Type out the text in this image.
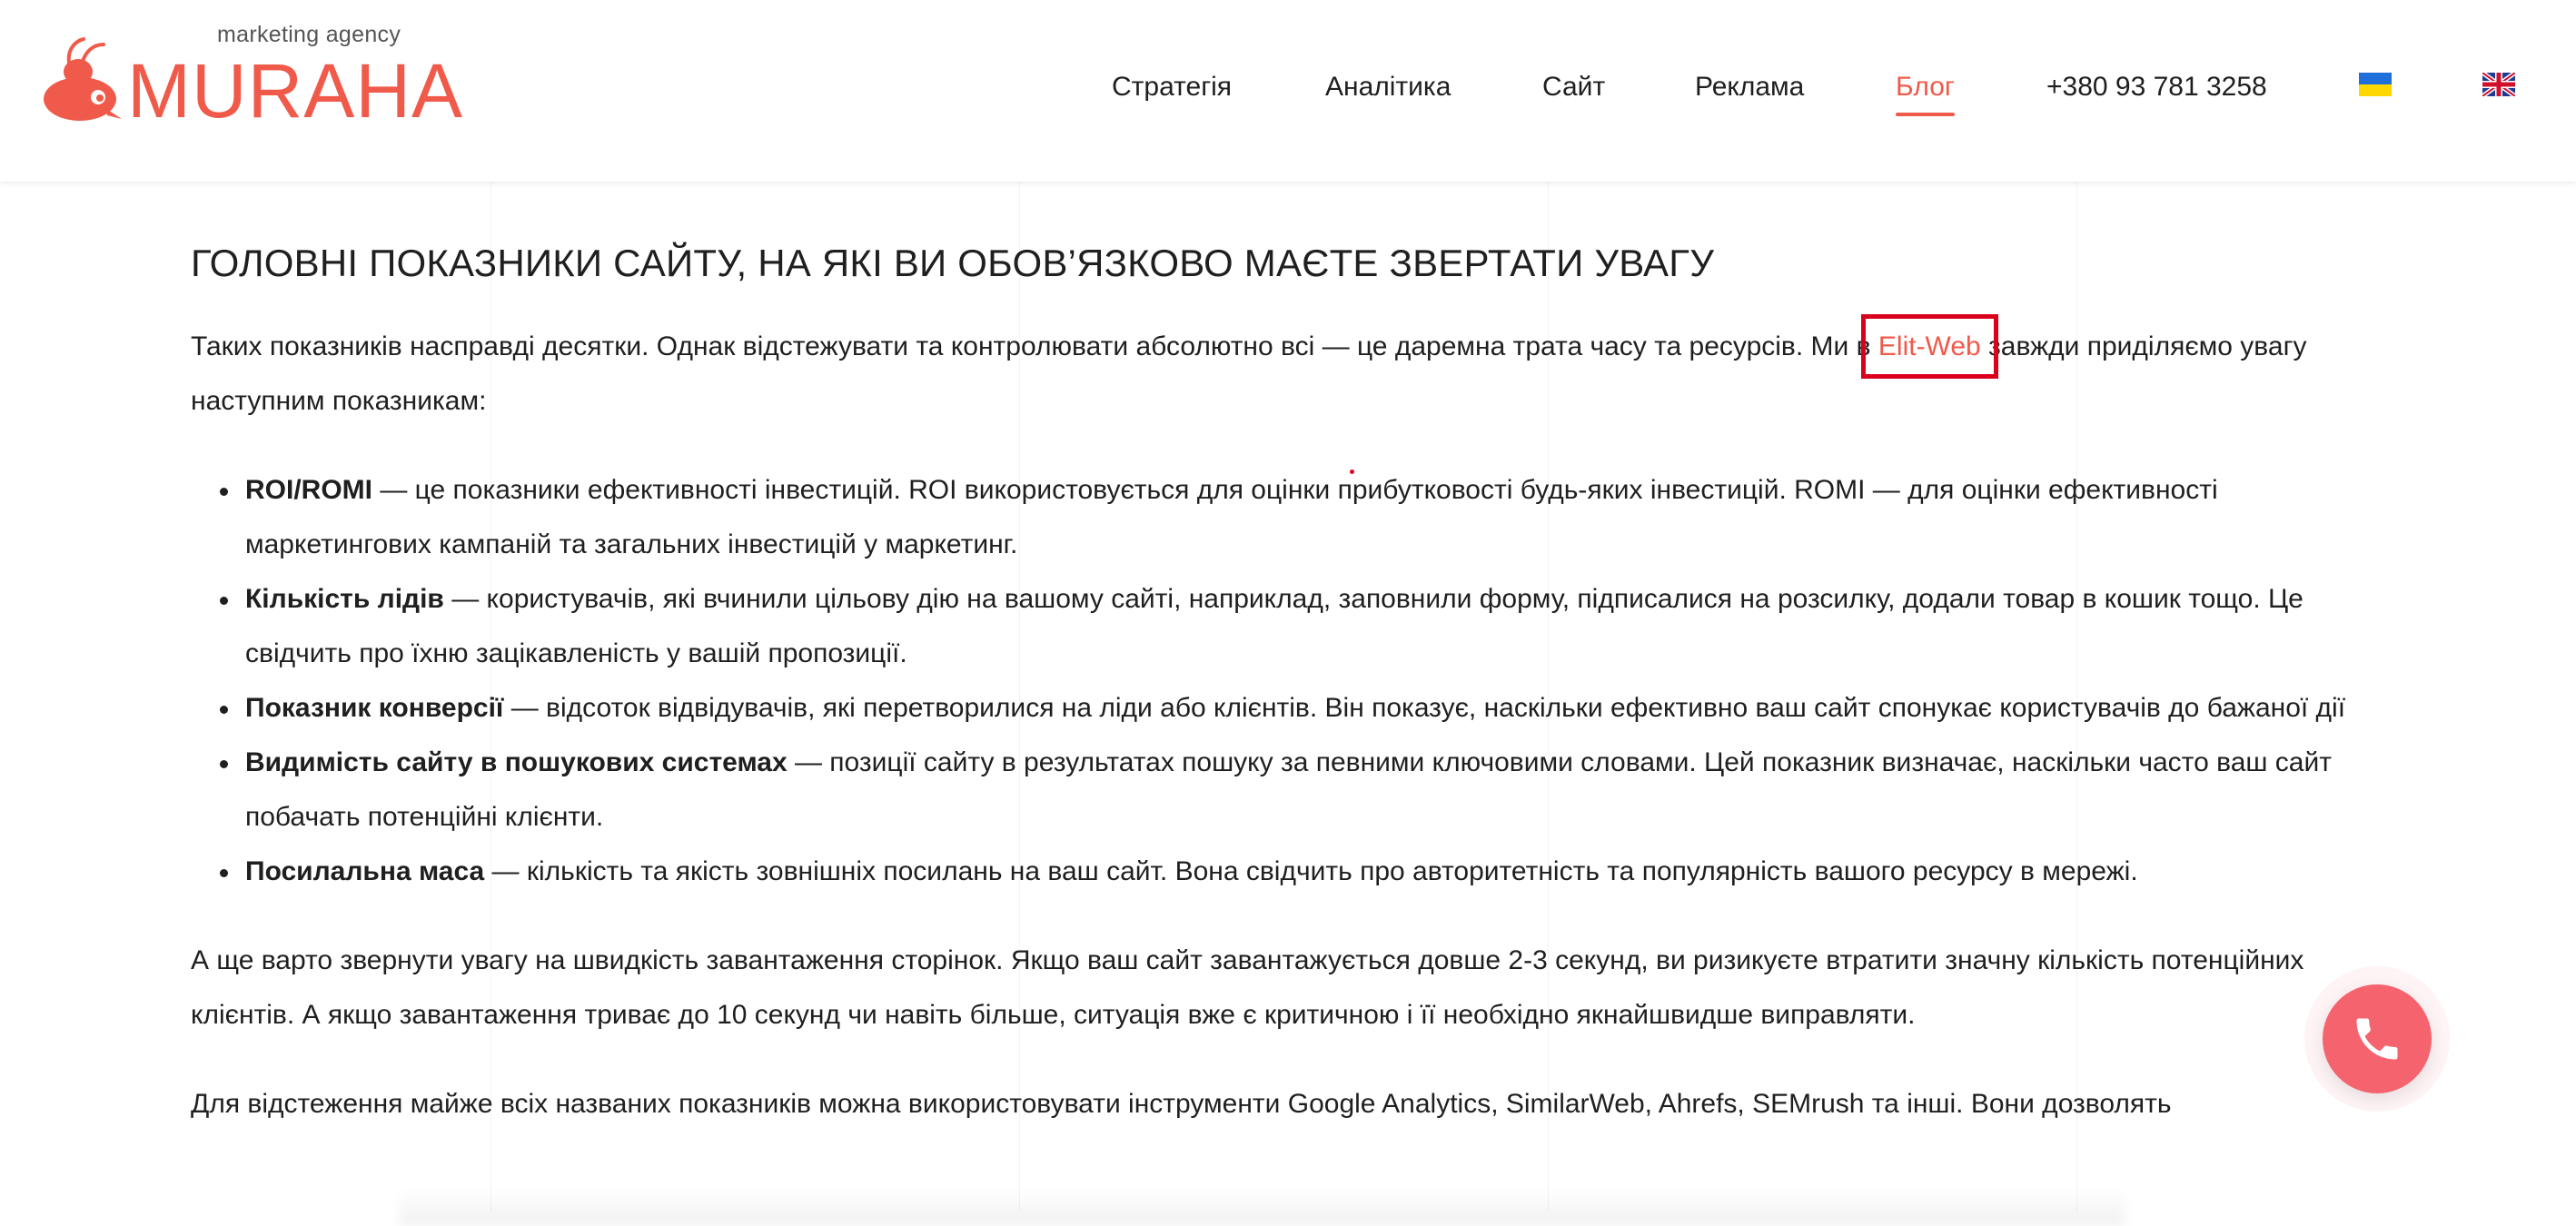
marketing agency
MURAHA	Стратегія	Аналітика	Сайт	Реклама	Блог	+380 93 781 3258
ГОЛОВНІ ПОКАЗНИКИ САЙТУ, НА ЯКІ ВИ ОБОВ’ЯЗКОВО МАЄТЕ ЗВЕРТАТИ УВАГУ

Таких показників насправді десятки. Однак відстежувати та контролювати абсолютно всі — це даремна трата часу та ресурсів. Ми в Elit-Web завжди приділяємо увагу наступним показникам:

ROI/ROMI — це показники ефективності інвестицій. ROI використовується для оцінки прибутковості будь-яких інвестицій. ROMI — для оцінки ефективності маркетингових кампаній та загальних інвестицій у маркетинг.
Кількість лідів — користувачів, які вчинили цільову дію на вашому сайті, наприклад, заповнили форму, підписалися на розсилку, додали товар в кошик тощо. Це свідчить про їхню зацікавленість у вашій пропозиції.
Показник конверсії — відсоток відвідувачів, які перетворилися на ліди або клієнтів. Він показує, наскільки ефективно ваш сайт спонукає користувачів до бажаної дії
Видимість сайту в пошукових системах — позиції сайту в результатах пошуку за певними ключовими словами. Цей показник визначає, наскільки часто ваш сайт побачать потенційні клієнти.
Посилальна маса — кількість та якість зовнішніх посилань на ваш сайт. Вона свідчить про авторитетність та популярність вашого ресурсу в мережі.

А ще варто звернути увагу на швидкість завантаження сторінок. Якщо ваш сайт завантажується довше 2-3 секунд, ви ризикуєте втратити значну кількість потенційних клієнтів. А якщо завантаження триває до 10 секунд чи навіть більше, ситуація вже є критичною і її необхідно якнайшвидше виправляти.

Для відстеження майже всіх названих показників можна використовувати інструменти Google Analytics, SimilarWeb, Ahrefs, SEMrush та інші. Вони дозволять
